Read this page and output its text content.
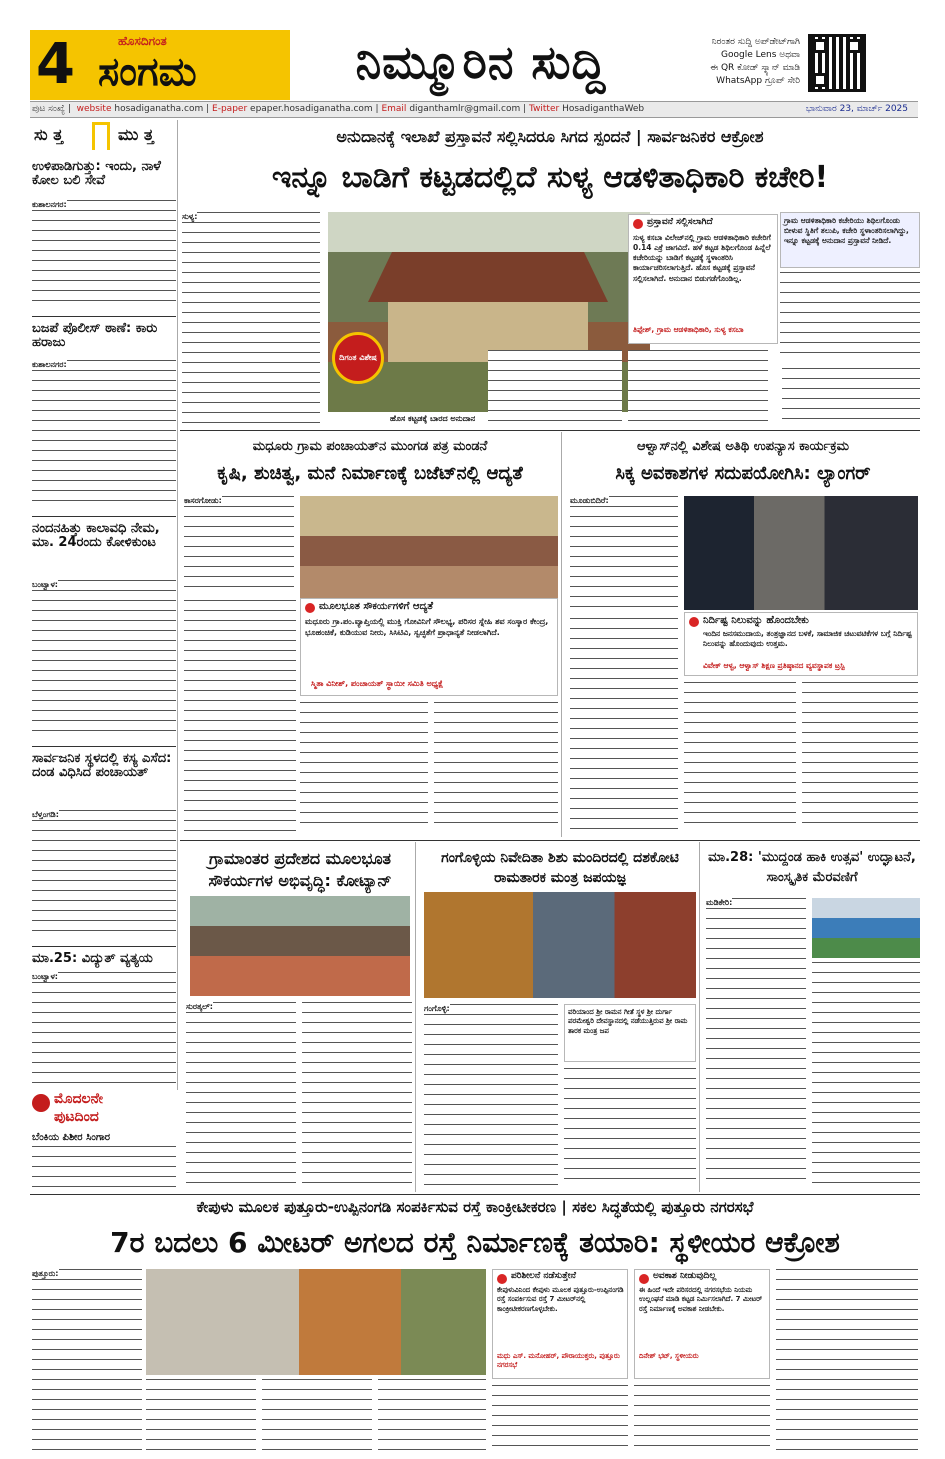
4	ಹೊಸದಿಗಂತ
ಸಂಗಮ	ನಿಮ್ಮೂರಿನ ಸುದ್ದಿ	ನಿರಂತರ ಸುದ್ದಿ ಅಪ್‌ಡೇಟ್‌ಗಾಗಿ
Google Lens ಅಥವಾ
ಈ QR ಕೋಡ್ ಸ್ಕ್ಯಾನ್ ಮಾಡಿ
WhatsApp ಗ್ರೂಪ್ ಸೇರಿ
ಪುಟ ಸಂಖ್ಯೆ |  website hosadiganatha.com | E-paper epaper.hosadiganatha.com | Email diganthamlr@gmail.com | Twitter HosadiganthaWeb	ಭಾನುವಾರ 23, ಮಾರ್ಚ್ 2025
ಸು ತ್ತ	ಮು ತ್ತ
ಉಳಿಪಾಡಿಗುತ್ತು: ಇಂದು, ನಾಳೆ ಕೋಲ ಬಲಿ ಸೇವೆ
ಕುಶಾಲನಗರ:
ಬಜಪೆ ಪೊಲೀಸ್ ಠಾಣೆ: ಕಾರು ಹರಾಜು
ಕುಶಾಲನಗರ:
ನಂದನಹಿತ್ತು ಕಾಲಾವಧಿ ನೇಮ, ಮಾ. 24ರಂದು ಕೋಳಿಕುಂಟ
ಬಂಟ್ವಾಳ:
ಸಾರ್ವಜನಿಕ ಸ್ಥಳದಲ್ಲಿ ಕಸ್ಯ ಎಸೆದ: ದಂಡ ವಿಧಿಸಿದ ಪಂಚಾಯತ್
ಬೆಳ್ತಂಗಡಿ:
ಮಾ.25: ವಿದ್ಯುತ್ ವ್ಯತ್ಯಯ
ಬಂಟ್ವಾಳ:
ಮೊದಲನೇ
ಪುಟದಿಂದ
ಬೆಂಕಿಯ ಪಿಶೀರ ಸಿಂಗಾರ
ಅನುದಾನಕ್ಕೆ ಇಲಾಖೆ ಪ್ರಸ್ತಾವನೆ ಸಲ್ಲಿಸಿದರೂ ಸಿಗದ ಸ್ಪಂದನೆ | ಸಾರ್ವಜನಿಕರ ಆಕ್ರೋಶ
ಇನ್ನೂ ಬಾಡಿಗೆ ಕಟ್ಟಡದಲ್ಲಿದೆ ಸುಳ್ಯ ಆಡಳಿತಾಧಿಕಾರಿ ಕಚೇರಿ!
ಸುಳ್ಯ:
ದಿಗಂತ ವಿಶೇಷ
ಹೊಸ ಕಟ್ಟಡಕ್ಕೆ ಬಾರದ ಅನುದಾನ
ಪ್ರಸ್ತಾವನೆ ಸಲ್ಲಿಸಲಾಗಿದೆ
ಸುಳ್ಯ ಕಸಬಾ ವಿಲೇಜ್‌ನಲ್ಲಿ ಗ್ರಾಮ ಆಡಳಿತಾಧಿಕಾರಿ ಕಚೇರಿಗೆ 0.14 ಎಕ್ರೆ ಜಾಗವಿದೆ. ಹಳೆ ಕಟ್ಟಡ ಶಿಥಿಲಗೊಂಡ ಹಿನ್ನೆಲೆ ಕಚೇರಿಯನ್ನು ಬಾಡಿಗೆ ಕಟ್ಟಡಕ್ಕೆ ಸ್ಥಳಾಂತರಿಸಿ ಕಾರ್ಯಾಚರಿಸಲಾಗುತ್ತಿದೆ. ಹೊಸ ಕಟ್ಟಡಕ್ಕೆ ಪ್ರಸ್ತಾವನೆ ಸಲ್ಲಿಸಲಾಗಿದೆ. ಅನುದಾನ ಬಿಡುಗಡೆಗೊಂಡಿಲ್ಲ.
ತಿಪ್ಪೇಶ್, ಗ್ರಾಮ ಆಡಳಿತಾಧಿಕಾರಿ, ಸುಳ್ಯ ಕಸಬಾ
ಗ್ರಾಮ ಆಡಳಿತಾಧಿಕಾರಿ ಕಚೇರಿಯು ಶಿಥಿಲಗೊಂಡು ಬೀಳುವ ಸ್ಥಿತಿಗೆ ತಲುಪಿ, ಕಚೇರಿ ಸ್ಥಳಾಂತರಿಸಲಾಗಿದ್ದು, ಇನ್ನೂ ಕಟ್ಟಡಕ್ಕೆ ಅನುದಾನ ಪ್ರಸ್ತಾವನೆ ನೀಡಿದೆ.
ಮಧೂರು ಗ್ರಾಮ ಪಂಚಾಯತ್‌ನ ಮುಂಗಡ ಪತ್ರ ಮಂಡನೆ
ಕೃಷಿ, ಶುಚಿತ್ವ, ಮನೆ ನಿರ್ಮಾಣಕ್ಕೆ ಬಜೆಟ್‌ನಲ್ಲಿ ಆದ್ಯತೆ
ಕಾಸರಗೋಡು:
ಮೂಲಭೂತ ಸೌಕರ್ಯಗಳಿಗೆ ಆದ್ಯತೆ
ಮಧೂರು ಗ್ರಾ.ಪಂ.ವ್ಯಾಪ್ತಿಯಲ್ಲಿ ಮುಕ್ತಿ ಗೋವಿನಿಗೆ ಸೌಲಭ್ಯ, ಪರಿಸರ ಸ್ನೇಹಿ ಶವ ಸಂಸ್ಕಾರ ಕೇಂದ್ರ, ಭೂಹಂಚಿಕೆ, ಕುಡಿಯುವ ನೀರು, ಸಿಸಿಟಿವಿ, ಸ್ವಚ್ಛತೆಗೆ ಪ್ರಾಧಾನ್ಯತೆ ನೀಡಲಾಗಿದೆ.
ಸ್ಮಿತಾ ವಿನೀಶ್, ಪಂಚಾಯತ್ ಸ್ಥಾಯೀ ಸಮಿತಿ ಅಧ್ಯಕ್ಷೆ
ಆಳ್ವಾಸ್‌ನಲ್ಲಿ ವಿಶೇಷ ಅತಿಥಿ ಉಪನ್ಯಾಸ ಕಾರ್ಯಕ್ರಮ
ಸಿಕ್ಕ ಅವಕಾಶಗಳ ಸದುಪಯೋಗಿಸಿ: ಲ್ಯಾಂಗರ್
ಮೂಡುಬಿದಿರೆ:
ನಿರ್ದಿಷ್ಟ ನಿಲುವನ್ನು ಹೊಂದಬೇಕು
ಇಂದಿನ ಜನಸಮುದಾಯ, ತಂತ್ರಜ್ಞಾನದ ಬಳಕೆ, ಸಾಮಾಜಿಕ ಚಟುವಟಿಕೆಗಳ ಬಗ್ಗೆ ನಿರ್ದಿಷ್ಟ ನಿಲುವನ್ನು ಹೊಂದುವುದು ಉತ್ತಮ.
ವಿವೇಕ್ ಆಳ್ವ, ಆಳ್ವಾಸ್ ಶಿಕ್ಷಣ ಪ್ರತಿಷ್ಠಾನದ ವ್ಯವಸ್ಥಾಪಕ ಟ್ರಸ್ಟಿ
ಗ್ರಾಮಾಂತರ ಪ್ರದೇಶದ ಮೂಲಭೂತ ಸೌಕರ್ಯಗಳ ಅಭಿವೃದ್ಧಿ: ಕೋಟ್ಯಾನ್
ಸುರತ್ಕಲ್:
ಗಂಗೊಳ್ಳಿಯ ನಿವೇದಿತಾ ಶಿಶು ಮಂದಿರದಲ್ಲಿ ದಶಕೋಟಿ ರಾಮತಾರಕ ಮಂತ್ರ ಜಪಯಜ್ಞ
ಗಂಗೊಳ್ಳಿ:	ವರಿಯಾಂದ ಶ್ರೀ ರಾಮನ ಗೀತೆ ಸ್ಥಳ ಶ್ರೀ ದುರ್ಗಾ ಪರಮೇಶ್ವರಿ ದೇವಸ್ಥಾನದಲ್ಲಿ ನಡೆಯುತ್ತಿರುವ ಶ್ರೀ ರಾಮ ತಾರಕ ಮಂತ್ರ ಜಪ
ಮಾ.28: 'ಮುದ್ದಂಡ ಹಾಕಿ ಉತ್ಸವ' ಉದ್ಘಾಟನೆ, ಸಾಂಸ್ಕೃತಿಕ ಮೆರವಣಿಗೆ
ಮಡಿಕೇರಿ:
ಕೇಪುಳು ಮೂಲಕ ಪುತ್ತೂರು-ಉಪ್ಪಿನಂಗಡಿ ಸಂಪರ್ಕಿಸುವ ರಸ್ತೆ ಕಾಂಕ್ರೀಟೀಕರಣ | ಸಕಲ ಸಿದ್ಧತೆಯಲ್ಲಿ ಪುತ್ತೂರು ನಗರಸಭೆ
7ರ ಬದಲು 6 ಮೀಟರ್ ಅಗಲದ ರಸ್ತೆ ನಿರ್ಮಾಣಕ್ಕೆ ತಯಾರಿ: ಸ್ಥಳೀಯರ ಆಕ್ರೋಶ
ಪುತ್ತೂರು:	ಪರಿಶೀಲನೆ ನಡೆಸುತ್ತೇನೆ
ಕೇಪುಳುವಿನಿಂದ ಕೇಪುಳು ಮೂಲಕ ಪುತ್ತೂರು-ಉಪ್ಪಿನಂಗಡಿ ರಸ್ತೆ ಸಂಪರ್ಕಿಸುವ ರಸ್ತೆ 7 ಮೀಟರ್‌ನಲ್ಲಿ ಕಾಂಕ್ರೀಟೀಕರಣಗೊಳ್ಳಬೇಕು.
ಮಧು ಎಸ್. ಮನೋಹರ್, ಪೌರಾಯುಕ್ತರು, ಪುತ್ತೂರು ನಗರಸಭೆ
ಅವಕಾಶ ನೀಡುವುದಿಲ್ಲ
ಈ ಹಿಂದೆ ಇದೇ ಪರಿಸರದಲ್ಲಿ ನಗರಸಭೆಯ ನಿಯಮ ಉಲ್ಲಂಘನೆ ಮಾಡಿ ಕಟ್ಟಡ ನಿರ್ಮಿಸಲಾಗಿದೆ. 7 ಮೀಟರ್ ರಸ್ತೆ ನಿರ್ಮಾಣಕ್ಕೆ ಅವಕಾಶ ನೀಡಬೇಕು.
ದಿನೇಶ್ ಭಟ್, ಸ್ಥಳೀಯರು
